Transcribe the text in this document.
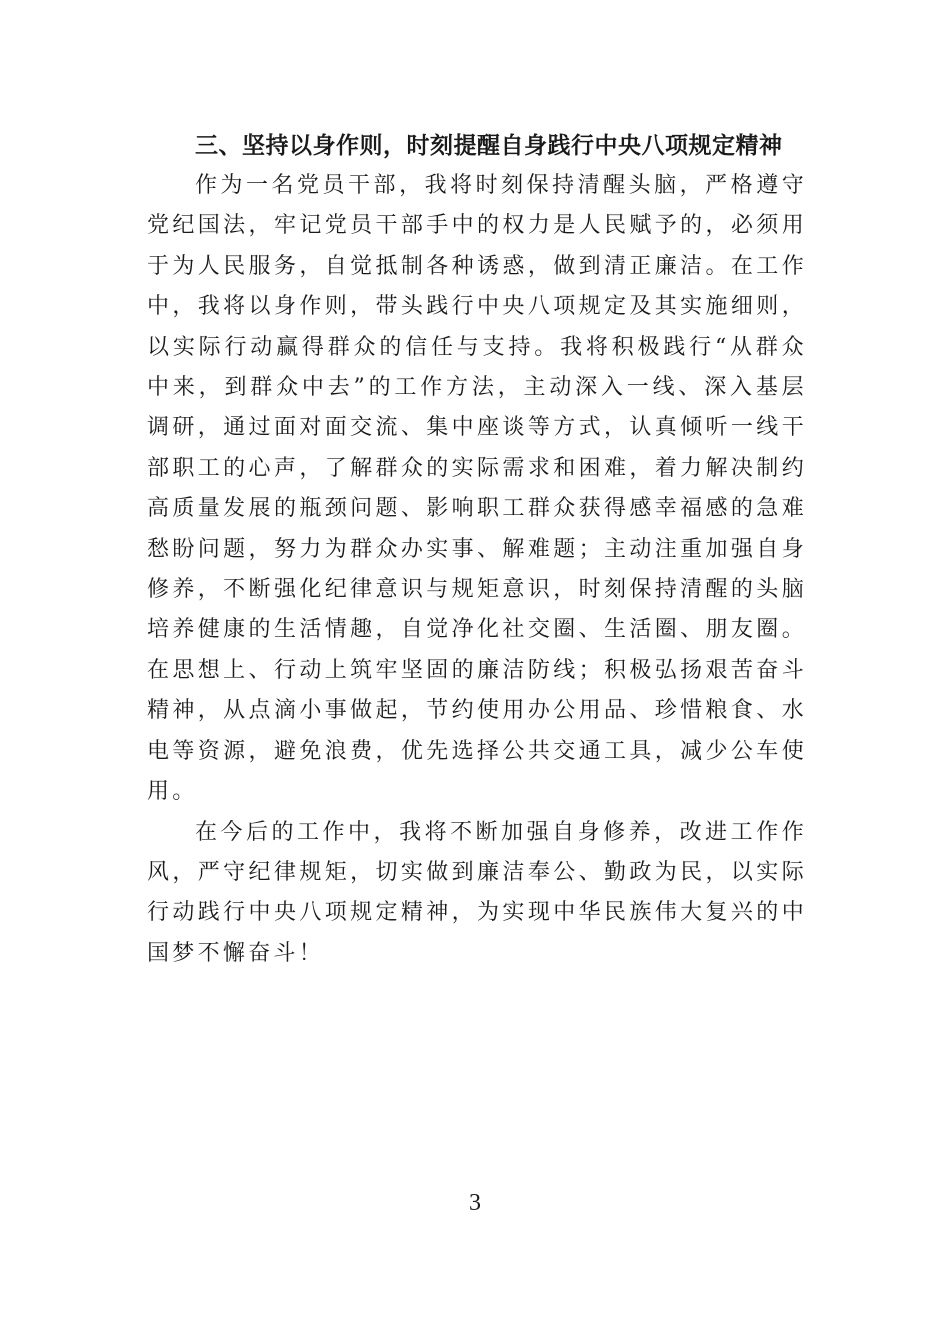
三、坚持以身作则，时刻提醒自身践行中央八项规定精神

作为一名党员干部，我将时刻保持清醒头脑，严格遵守党纪国法，牢记党员干部手中的权力是人民赋予的，必须用于为人民服务，自觉抵制各种诱惑，做到清正廉洁。在工作中，我将以身作则，带头践行中央八项规定及其实施细则，以实际行动赢得群众的信任与支持。我将积极践行“从群众中来，到群众中去”的工作方法，主动深入一线、深入基层调研，通过面对面交流、集中座谈等方式，认真倾听一线干部职工的心声，了解群众的实际需求和困难，着力解决制约高质量发展的瓶颈问题、影响职工群众获得感幸福感的急难愁盼问题，努力为群众办实事、解难题；主动注重加强自身修养，不断强化纪律意识与规矩意识，时刻保持清醒的头脑培养健康的生活情趣，自觉净化社交圈、生活圈、朋友圈。在思想上、行动上筑牢坚固的廉洁防线；积极弘扬艰苦奋斗精神，从点滴小事做起，节约使用办公用品、珍惜粮食、水电等资源，避免浪费，优先选择公共交通工具，减少公车使用。

在今后的工作中，我将不断加强自身修养，改进工作作风，严守纪律规矩，切实做到廉洁奉公、勤政为民，以实际行动践行中央八项规定精神，为实现中华民族伟大复兴的中国梦不懈奋斗！

3
